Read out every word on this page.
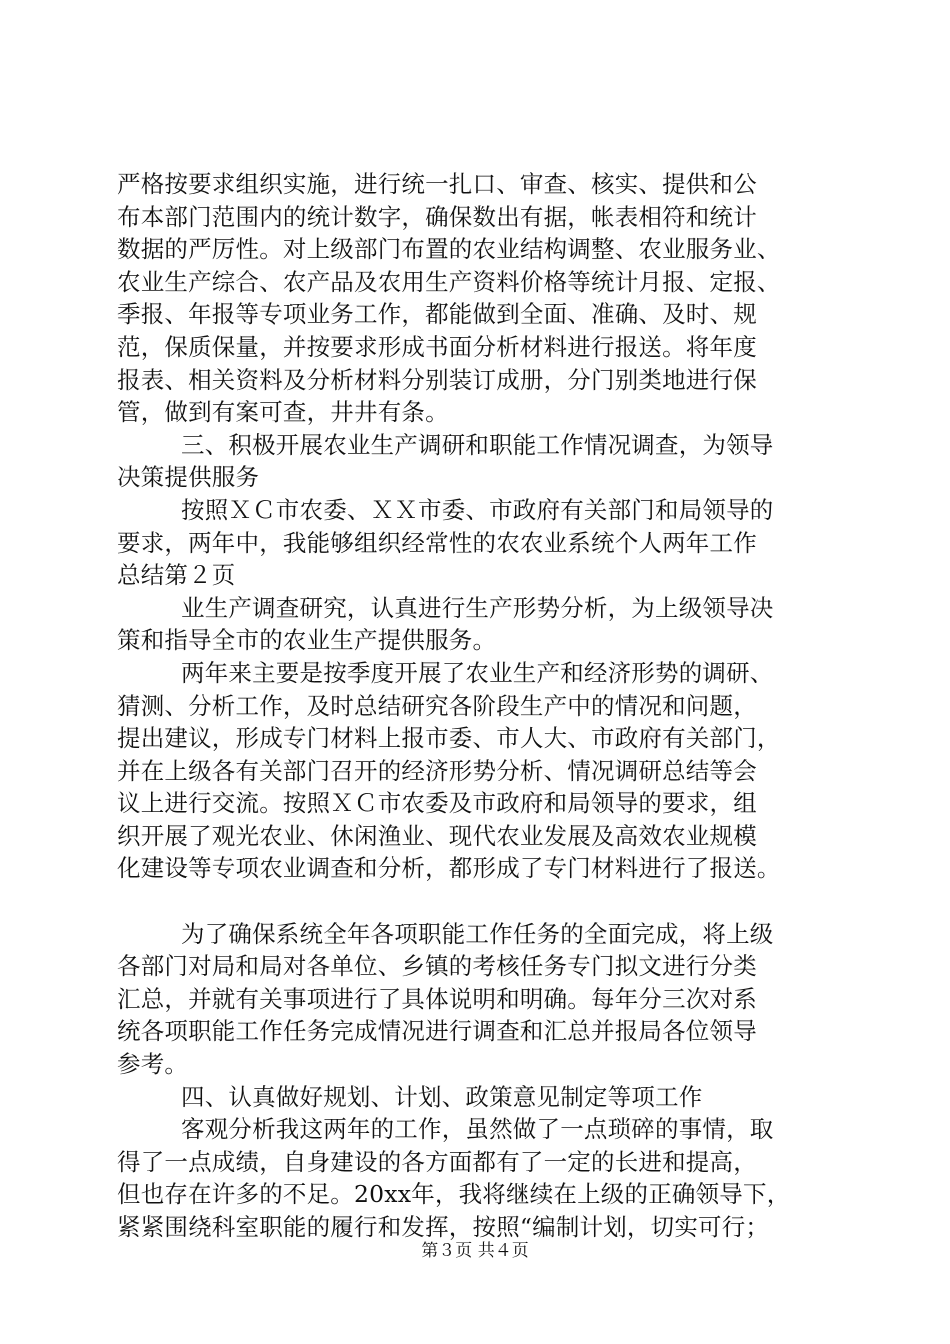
严格按要求组织实施，进行统一扎口、审查、核实、提供和公
布本部门范围内的统计数字，确保数出有据，帐表相符和统计
数据的严厉性。对上级部门布置的农业结构调整、农业服务业、
农业生产综合、农产品及农用生产资料价格等统计月报、定报、
季报、年报等专项业务工作，都能做到全面、准确、及时、规
范，保质保量，并按要求形成书面分析材料进行报送。将年度
报表、相关资料及分析材料分别装订成册，分门别类地进行保
管，做到有案可查，井井有条。
三、积极开展农业生产调研和职能工作情况调查，为领导
决策提供服务
按照ＸＣ市农委、ＸＸ市委、市政府有关部门和局领导的
要求，两年中，我能够组织经常性的农农业系统个人两年工作
总结第２页
业生产调查研究，认真进行生产形势分析，为上级领导决
策和指导全市的农业生产提供服务。
两年来主要是按季度开展了农业生产和经济形势的调研、
猜测、分析工作，及时总结研究各阶段生产中的情况和问题，
提出建议，形成专门材料上报市委、市人大、市政府有关部门，
并在上级各有关部门召开的经济形势分析、情况调研总结等会
议上进行交流。按照ＸＣ市农委及市政府和局领导的要求，组
织开展了观光农业、休闲渔业、现代农业发展及高效农业规模
化建设等专项农业调查和分析，都形成了专门材料进行了报送。
为了确保系统全年各项职能工作任务的全面完成，将上级
各部门对局和局对各单位、乡镇的考核任务专门拟文进行分类
汇总，并就有关事项进行了具体说明和明确。每年分三次对系
统各项职能工作任务完成情况进行调查和汇总并报局各位领导
参考。
四、认真做好规划、计划、政策意见制定等项工作
客观分析我这两年的工作，虽然做了一点琐碎的事情，取
得了一点成绩，自身建设的各方面都有了一定的长进和提高，
但也存在许多的不足。20xx年，我将继续在上级的正确领导下，
紧紧围绕科室职能的履行和发挥，按照“编制计划，切实可行；
第３页 共４页
